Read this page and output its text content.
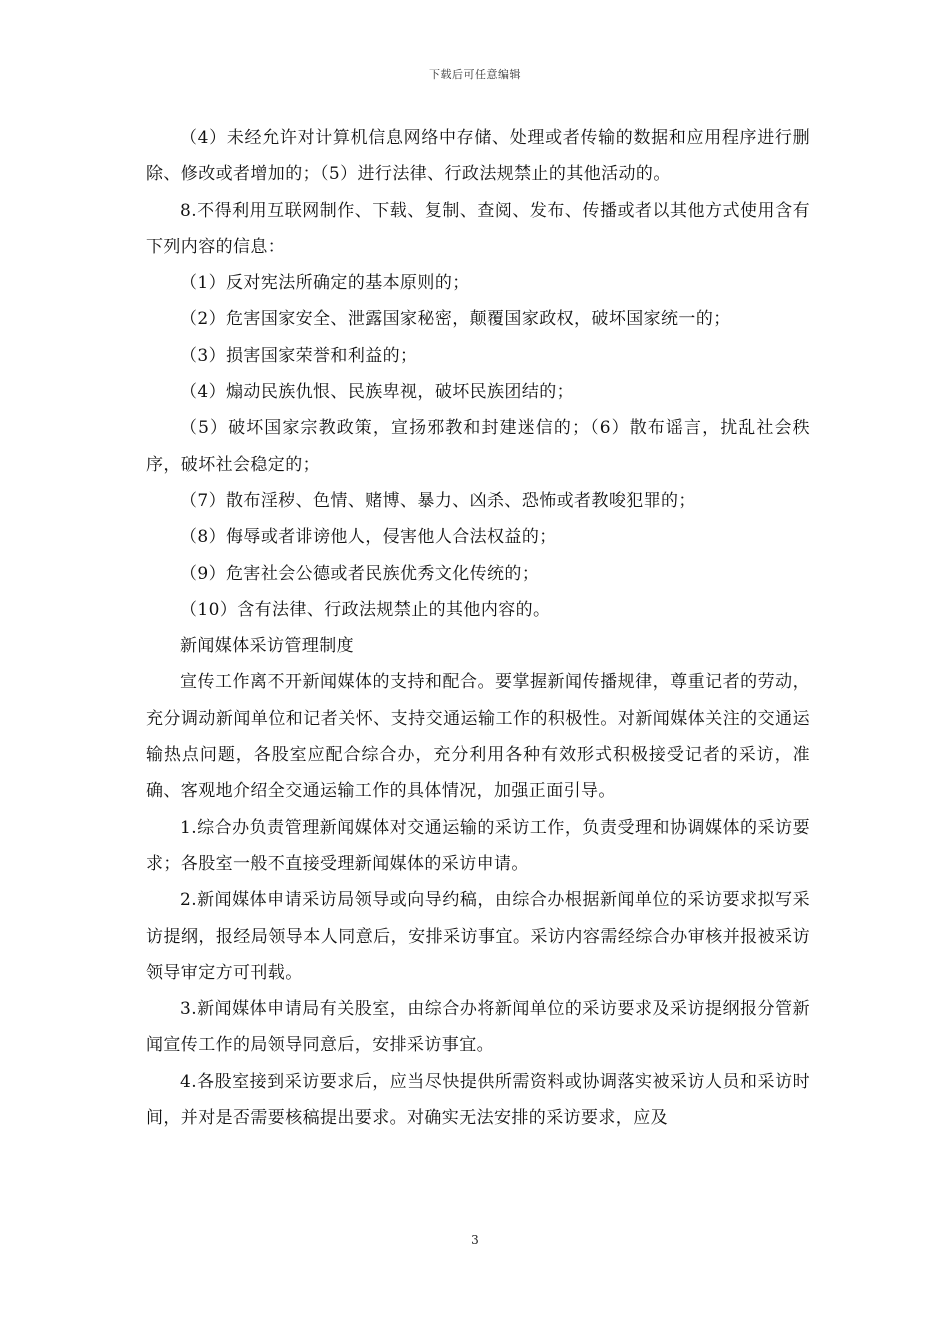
下载后可任意编辑

（4）未经允许对计算机信息网络中存储、处理或者传输的数据和应用程序进行删除、修改或者增加的；（5）进行法律、行政法规禁止的其他活动的。

8.不得利用互联网制作、下载、复制、查阅、发布、传播或者以其他方式使用含有下列内容的信息：

（1）反对宪法所确定的基本原则的；

（2）危害国家安全、泄露国家秘密，颠覆国家政权，破坏国家统一的；

（3）损害国家荣誉和利益的；

（4）煽动民族仇恨、民族卑视，破坏民族团结的；

（5）破坏国家宗教政策，宣扬邪教和封建迷信的；（6）散布谣言，扰乱社会秩序，破坏社会稳定的；

（7）散布淫秽、色情、赌博、暴力、凶杀、恐怖或者教唆犯罪的；

（8）侮辱或者诽谤他人，侵害他人合法权益的；

（9）危害社会公德或者民族优秀文化传统的；

（10）含有法律、行政法规禁止的其他内容的。

新闻媒体采访管理制度

宣传工作离不开新闻媒体的支持和配合。要掌握新闻传播规律，尊重记者的劳动，充分调动新闻单位和记者关怀、支持交通运输工作的积极性。对新闻媒体关注的交通运输热点问题，各股室应配合综合办，充分利用各种有效形式积极接受记者的采访，准确、客观地介绍全交通运输工作的具体情况，加强正面引导。

1.综合办负责管理新闻媒体对交通运输的采访工作，负责受理和协调媒体的采访要求；各股室一般不直接受理新闻媒体的采访申请。

2.新闻媒体申请采访局领导或向导约稿，由综合办根据新闻单位的采访要求拟写采访提纲，报经局领导本人同意后，安排采访事宜。采访内容需经综合办审核并报被采访领导审定方可刊载。

3.新闻媒体申请局有关股室，由综合办将新闻单位的采访要求及采访提纲报分管新闻宣传工作的局领导同意后，安排采访事宜。

4.各股室接到采访要求后，应当尽快提供所需资料或协调落实被采访人员和采访时间，并对是否需要核稿提出要求。对确实无法安排的采访要求，应及

3
